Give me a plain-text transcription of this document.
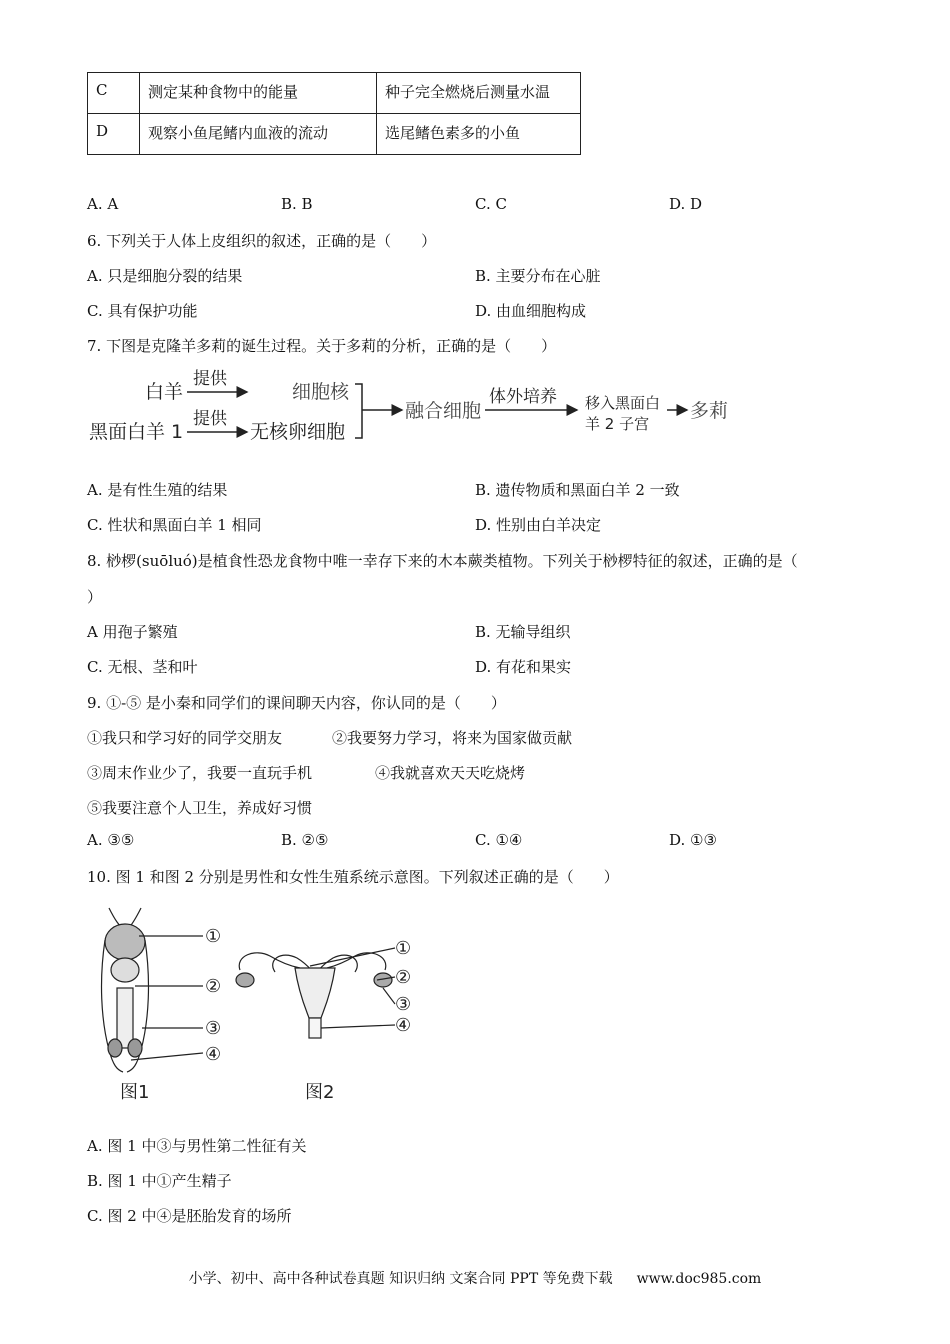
C	测定某种食物中的能量	种子完全燃烧后测量水温
D	观察小鱼尾鳍内血液的流动	选尾鳍色素多的小鱼
A. A	B. B	C. C	D. D
6. 下列关于人体上皮组织的叙述，正确的是（　　）
A. 只是细胞分裂的结果	B. 主要分布在心脏
C. 具有保护功能	D. 由血细胞构成
7. 下图是克隆羊多莉的诞生过程。关于多莉的分析，正确的是（　　）
白羊
提供
细胞核
黑面白羊 1
提供
无核卵细胞
融合细胞
体外培养 移入黑面白
羊 2 子宫
多莉
A. 是有性生殖的结果	B. 遗传物质和黑面白羊 2 一致
C. 性状和黑面白羊 1 相同	D. 性别由白羊决定
8. 桫椤(suōluó)是植食性恐龙食物中唯一幸存下来的木本蕨类植物。下列关于桫椤特征的叙述，正确的是（
）
A 用孢子繁殖	B. 无输导组织
C. 无根、茎和叶	D. 有花和果实
9. ①-⑤ 是小秦和同学们的课间聊天内容，你认同的是（　　）
①我只和学习好的同学交朋友	②我要努力学习，将来为国家做贡献
③周末作业少了，我要一直玩手机	④我就喜欢天天吃烧烤
⑤我要注意个人卫生，养成好习惯
A. ③⑤	B. ②⑤	C. ①④	D. ①③
10. 图 1 和图 2 分别是男性和女性生殖系统示意图。下列叙述正确的是（　　）
①
②
③
④
图1
①
②
③
④
图2
A. 图 1 中③与男性第二性征有关
B. 图 1 中①产生精子
C. 图 2 中④是胚胎发育的场所
小学、初中、高中各种试卷真题 知识归纳 文案合同 PPT 等免费下载 www.doc985.com
